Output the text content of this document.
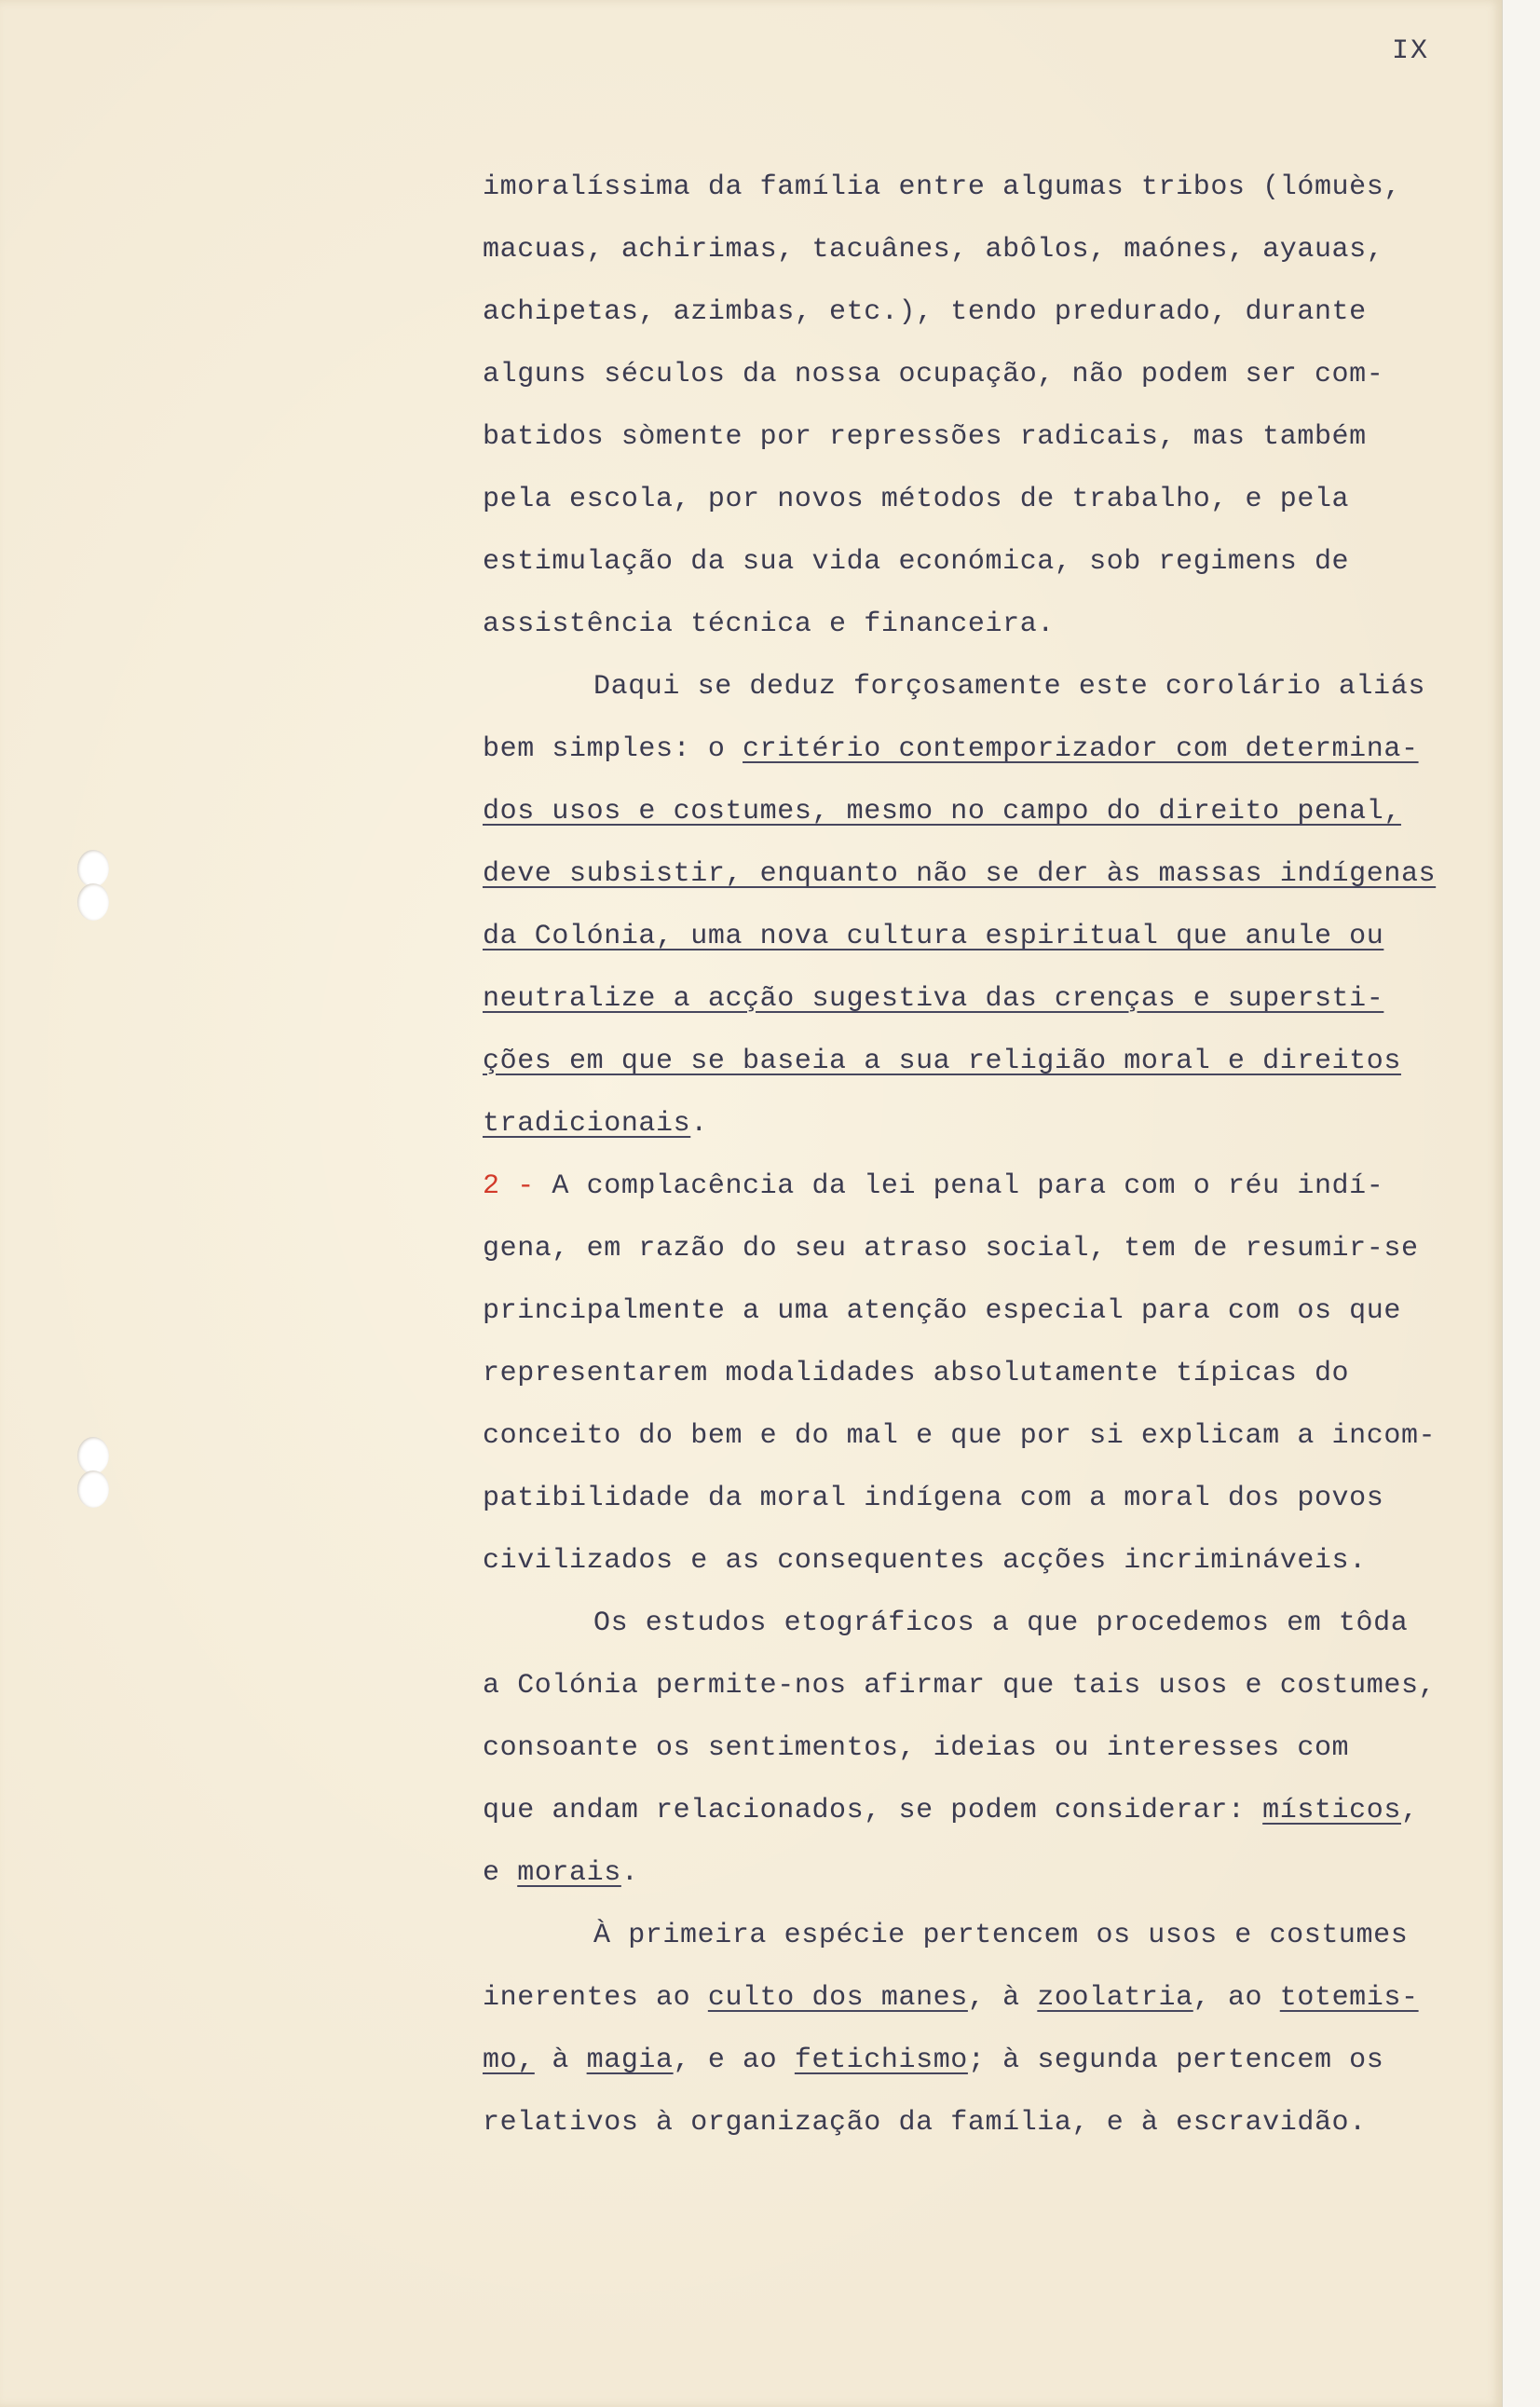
IX
imoralíssima da família entre algumas tribos (lómuès,
macuas, achirimas, tacuânes, abôlos, maónes, ayauas,
achipetas, azimbas, etc.), tendo predurado, durante
alguns séculos da nossa ocupação, não podem ser com-
batidos sòmente por repressões radicais, mas também
pela escola, por novos métodos de trabalho, e pela
estimulação da sua vida económica, sob regimens de
assistência técnica e financeira.
Daqui se deduz forçosamente este corolário aliás
bem simples: o critério contemporizador com determina-
dos usos e costumes, mesmo no campo do direito penal,
deve subsistir, enquanto não se der às massas indígenas
da Colónia, uma nova cultura espiritual que anule ou
neutralize a acção sugestiva das crenças e supersti-
ções em que se baseia a sua religião moral e direitos
tradicionais.
2 - A complacência da lei penal para com o réu indí-
gena, em razão do seu atraso social, tem de resumir-se
principalmente a uma atenção especial para com os que
representarem modalidades absolutamente típicas do
conceito do bem e do mal e que por si explicam a incom-
patibilidade da moral indígena com a moral dos povos
civilizados e as consequentes acções incrimináveis.
Os estudos etográficos a que procedemos em tôda
a Colónia permite-nos afirmar que tais usos e costumes,
consoante os sentimentos, ideias ou interesses com
que andam relacionados, se podem considerar: místicos,
e morais.
À primeira espécie pertencem os usos e costumes
inerentes ao culto dos manes, à zoolatria, ao totemis-
mo, à magia, e ao fetichismo; à segunda pertencem os
relativos à organização da família, e à escravidão.
